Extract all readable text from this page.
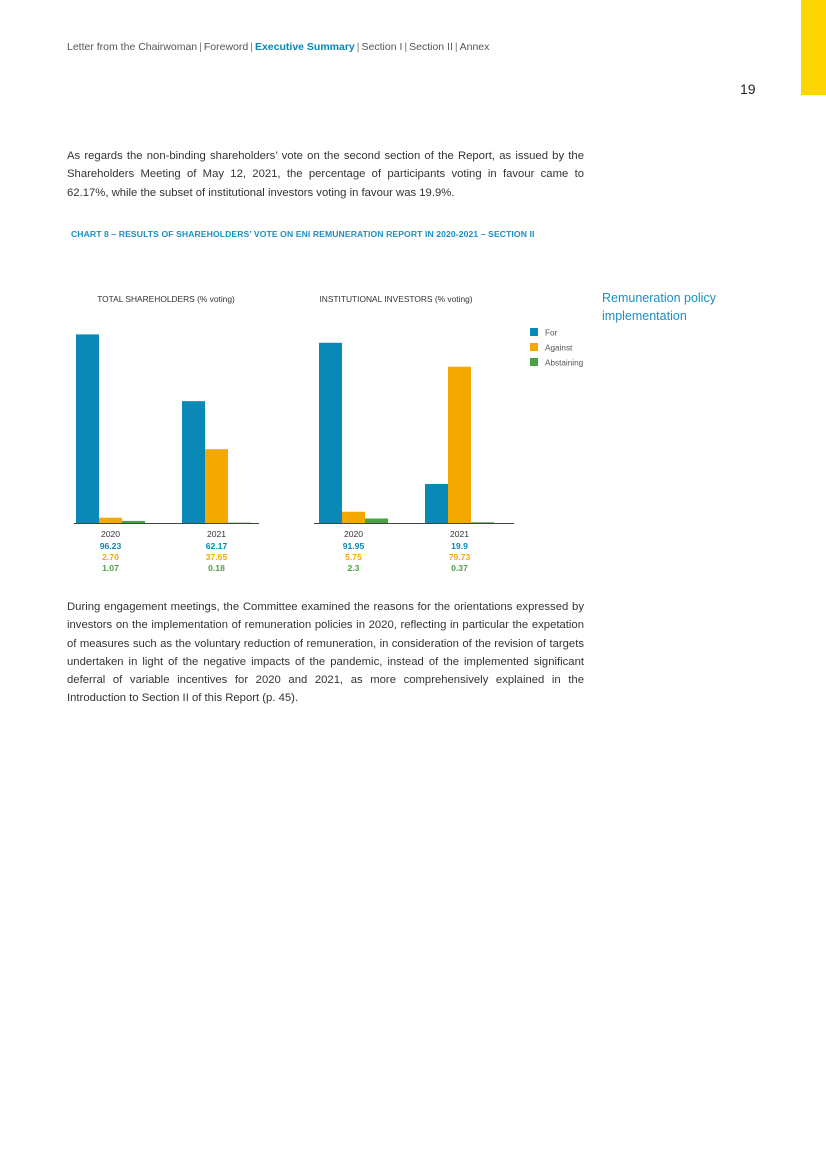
Letter from the Chairwoman | Foreword | Executive Summary | Section I | Section II | Annex
19

As regards the non-binding shareholders’ vote on the second section of the Report, as issued by the Shareholders Meeting of May 12, 2021, the percentage of participants voting in favour came to 62.17%, while the subset of institutional investors voting in favour was 19.9%.

CHART 8 – RESULTS OF SHAREHOLDERS’ VOTE ON ENI REMUNERATION REPORT IN 2020-2021 – SECTION II
Remuneration policy implementation
TOTAL SHAREHOLDERS (% voting)
2020
96.23
2.70
1.07
2021
62.17
37.65
0.18
INSTITUTIONAL INVESTORS (% voting)
2020
91.95
5.75
2.3
2021
19.9
79.73
0.37
For
Against
Abstaining

During engagement meetings, the Committee examined the reasons for the orientations expressed by investors on the implementation of remuneration policies in 2020, reflecting in particular the expetation of measures such as the voluntary reduction of remuneration, in consideration of the revision of targets undertaken in light of the negative impacts of the pandemic, instead of the implemented significant deferral of variable incentives for 2020 and 2021, as more comprehensively explained in the Introduction to Section II of this Report (p. 45).
